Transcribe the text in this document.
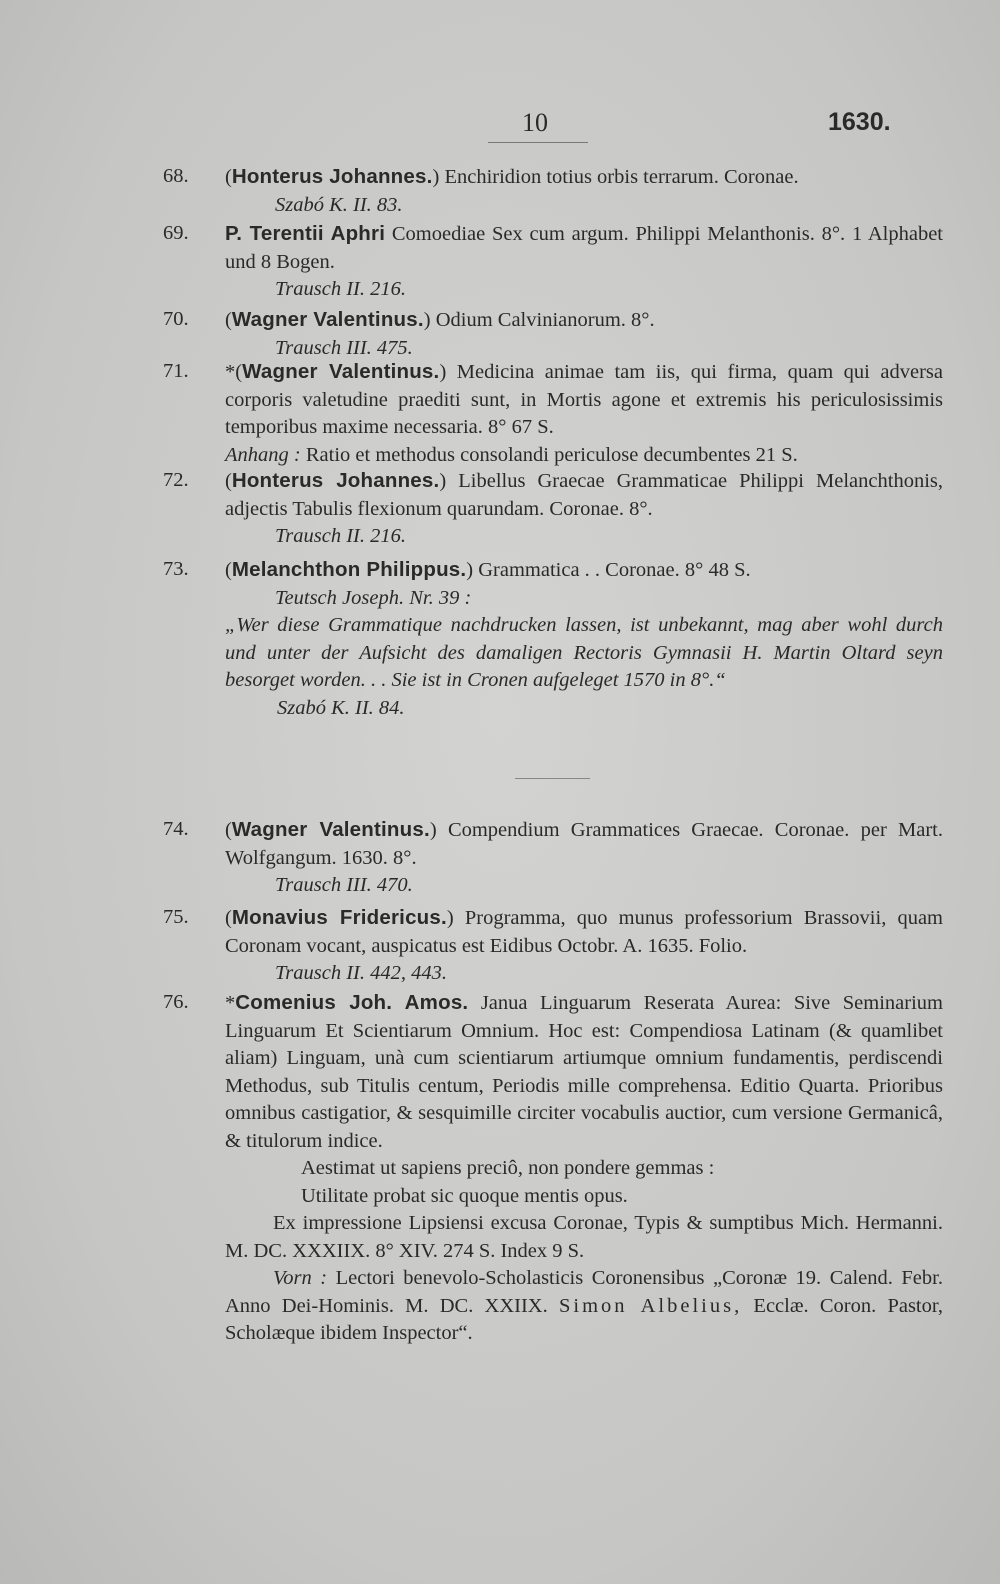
10	1630.
68.	(Honterus Johannes.) Enchiridion totius orbis terrarum. Coronae.
Szabó K. II. 83.
69.	P. Terentii Aphri Comoediae Sex cum argum. Philippi Melanthonis. 8°. 1 Alphabet und 8 Bogen.
Trausch II. 216.
70.	(Wagner Valentinus.) Odium Calvinianorum. 8°.
Trausch III. 475.
71.	*(Wagner Valentinus.) Medicina animae tam iis, qui firma, quam qui adversa corporis valetudine praediti sunt, in Mortis agone et extremis his periculosissimis temporibus maxime necessaria. 8° 67 S.
Anhang : Ratio et methodus consolandi periculose decumbentes 21 S.
72.	(Honterus Johannes.) Libellus Graecae Grammaticae Philippi Melanchthonis, adjectis Tabulis flexionum quarundam. Coronae. 8°.
Trausch II. 216.
73.	(Melanchthon Philippus.) Grammatica . . Coronae. 8° 48 S.
Teutsch Joseph. Nr. 39 :
„Wer diese Grammatique nachdrucken lassen, ist unbekannt, mag aber wohl durch und unter der Aufsicht des damaligen Rectoris Gymnasii H. Martin Oltard seyn besorget worden. . . Sie ist in Cronen aufgeleget 1570 in 8°.“
Szabó K. II. 84.
74.	(Wagner Valentinus.) Compendium Grammatices Graecae. Coronae. per Mart. Wolfgangum. 1630. 8°.
Trausch III. 470.
75.	(Monavius Fridericus.) Programma, quo munus professorium Brassovii, quam Coronam vocant, auspicatus est Eidibus Octobr. A. 1635. Folio.
Trausch II. 442, 443.
76.	*Comenius Joh. Amos. Janua Linguarum Reserata Aurea: Sive Seminarium Linguarum Et Scientiarum Omnium. Hoc est: Compendiosa Latinam (& quamlibet aliam) Linguam, unà cum scientiarum artiumque omnium fundamentis, perdiscendi Methodus, sub Titulis centum, Periodis mille comprehensa. Editio Quarta. Prioribus omnibus castigatior, & sesquimille circiter vocabulis auctior, cum versione Germanicâ, & titulorum indice.
Aestimat ut sapiens preciô, non pondere gemmas :
Utilitate probat sic quoque mentis opus.
Ex impressione Lipsiensi excusa Coronae, Typis & sumptibus Mich. Hermanni. M. DC. XXXIIX. 8° XIV. 274 S. Index 9 S.
Vorn : Lectori benevolo-Scholasticis Coronensibus „Coronæ 19. Calend. Febr. Anno Dei-Hominis. M. DC. XXIIX. Simon Albelius, Ecclæ. Coron. Pastor, Scholæque ibidem Inspector“.
